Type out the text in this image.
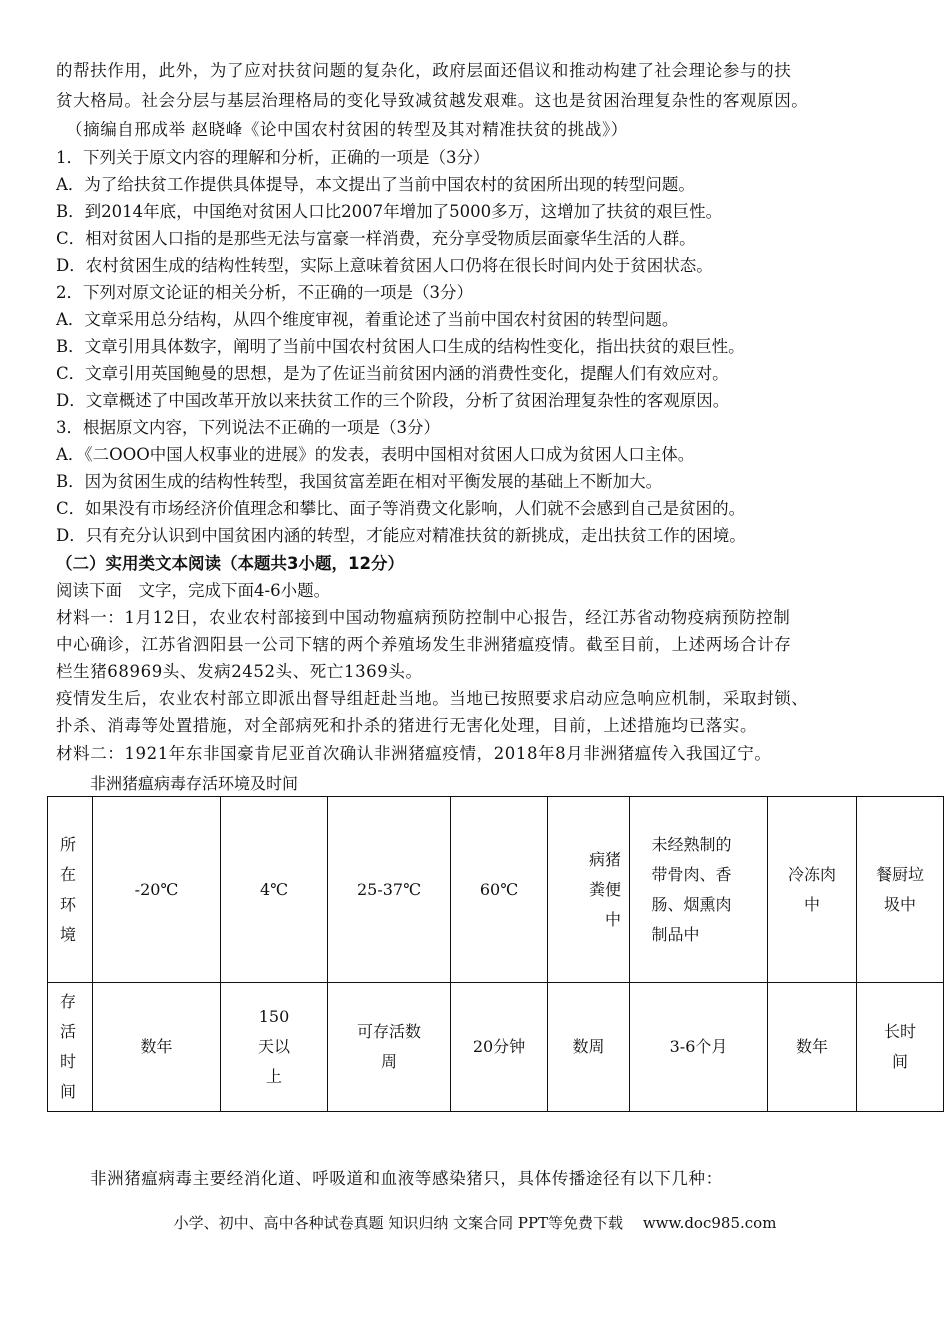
的帮扶作用，此外，为了应对扶贫问题的复杂化，政府层面还倡议和推动构建了社会理论参与的扶
贫大格局。社会分层与基层治理格局的变化导致减贫越发艰难。这也是贫困治理复杂性的客观原因。
（摘编自邢成举 赵晓峰《论中国农村贫困的转型及其对精准扶贫的挑战》）
1．下列关于原文内容的理解和分析，正确的一项是（3分）
A．为了给扶贫工作提供具体提导，本文提出了当前中国农村的贫困所出现的转型问题。
B．到2014年底，中国绝对贫困人口比2007年增加了5000多万，这增加了扶贫的艰巨性。
C．相对贫困人口指的是那些无法与富豪一样消费，充分享受物质层面豪华生活的人群。
D．农村贫困生成的结构性转型，实际上意味着贫困人口仍将在很长时间内处于贫困状态。
2．下列对原文论证的相关分析，不正确的一项是（3分）
A．文章采用总分结构，从四个维度审视，着重论述了当前中国农村贫困的转型问题。
B．文章引用具体数字，阐明了当前中国农村贫困人口生成的结构性变化，指出扶贫的艰巨性。
C．文章引用英国鲍曼的思想，是为了佐证当前贫困内涵的消费性变化，提醒人们有效应对。
D．文章概述了中国改革开放以来扶贫工作的三个阶段，分析了贫困治理复杂性的客观原因。
3．根据原文内容，下列说法不正确的一项是（3分）
A．《二OOO中国人权事业的进展》的发表，表明中国相对贫困人口成为贫困人口主体。
B．因为贫困生成的结构性转型，我国贫富差距在相对平衡发展的基础上不断加大。
C．如果没有市场经济价值理念和攀比、面子等消费文化影响，人们就不会感到自己是贫困的。
D．只有充分认识到中国贫困内涵的转型，才能应对精准扶贫的新挑成，走出扶贫工作的困境。
（二）实用类文本阅读（本题共3小题，12分）
阅读下面　文字，完成下面4-6小题。
材料一：1月12日，农业农村部接到中国动物瘟病预防控制中心报告，经江苏省动物疫病预防控制
中心确诊，江苏省泗阳县一公司下辖的两个养殖场发生非洲猪瘟疫情。截至目前，上述两场合计存
栏生猪68969头、发病2452头、死亡1369头。
疫情发生后，农业农村部立即派出督导组赶赴当地。当地已按照要求启动应急响应机制，采取封锁、
扑杀、消毒等处置措施，对全部病死和扑杀的猪进行无害化处理，目前，上述措施均已落实。
材料二：1921年东非国豪肯尼亚首次确认非洲猪瘟疫情，2018年8月非洲猪瘟传入我国辽宁。
非洲猪瘟病毒存活环境及时间
所在环境	-20℃	4℃	25-37℃	60℃	病猪粪便中	未经熟制的带骨肉、香肠、烟熏肉制品中	冷冻肉中	餐厨垃圾中
存活时间	数年	150天以上	可存活数周	20分钟	数周	3-6个月	数年	长时间
非洲猪瘟病毒主要经消化道、呼吸道和血液等感染猪只，具体传播途径有以下几种：
小学、初中、高中各种试卷真题 知识归纳 文案合同 PPT等免费下载　 www.doc985.com
